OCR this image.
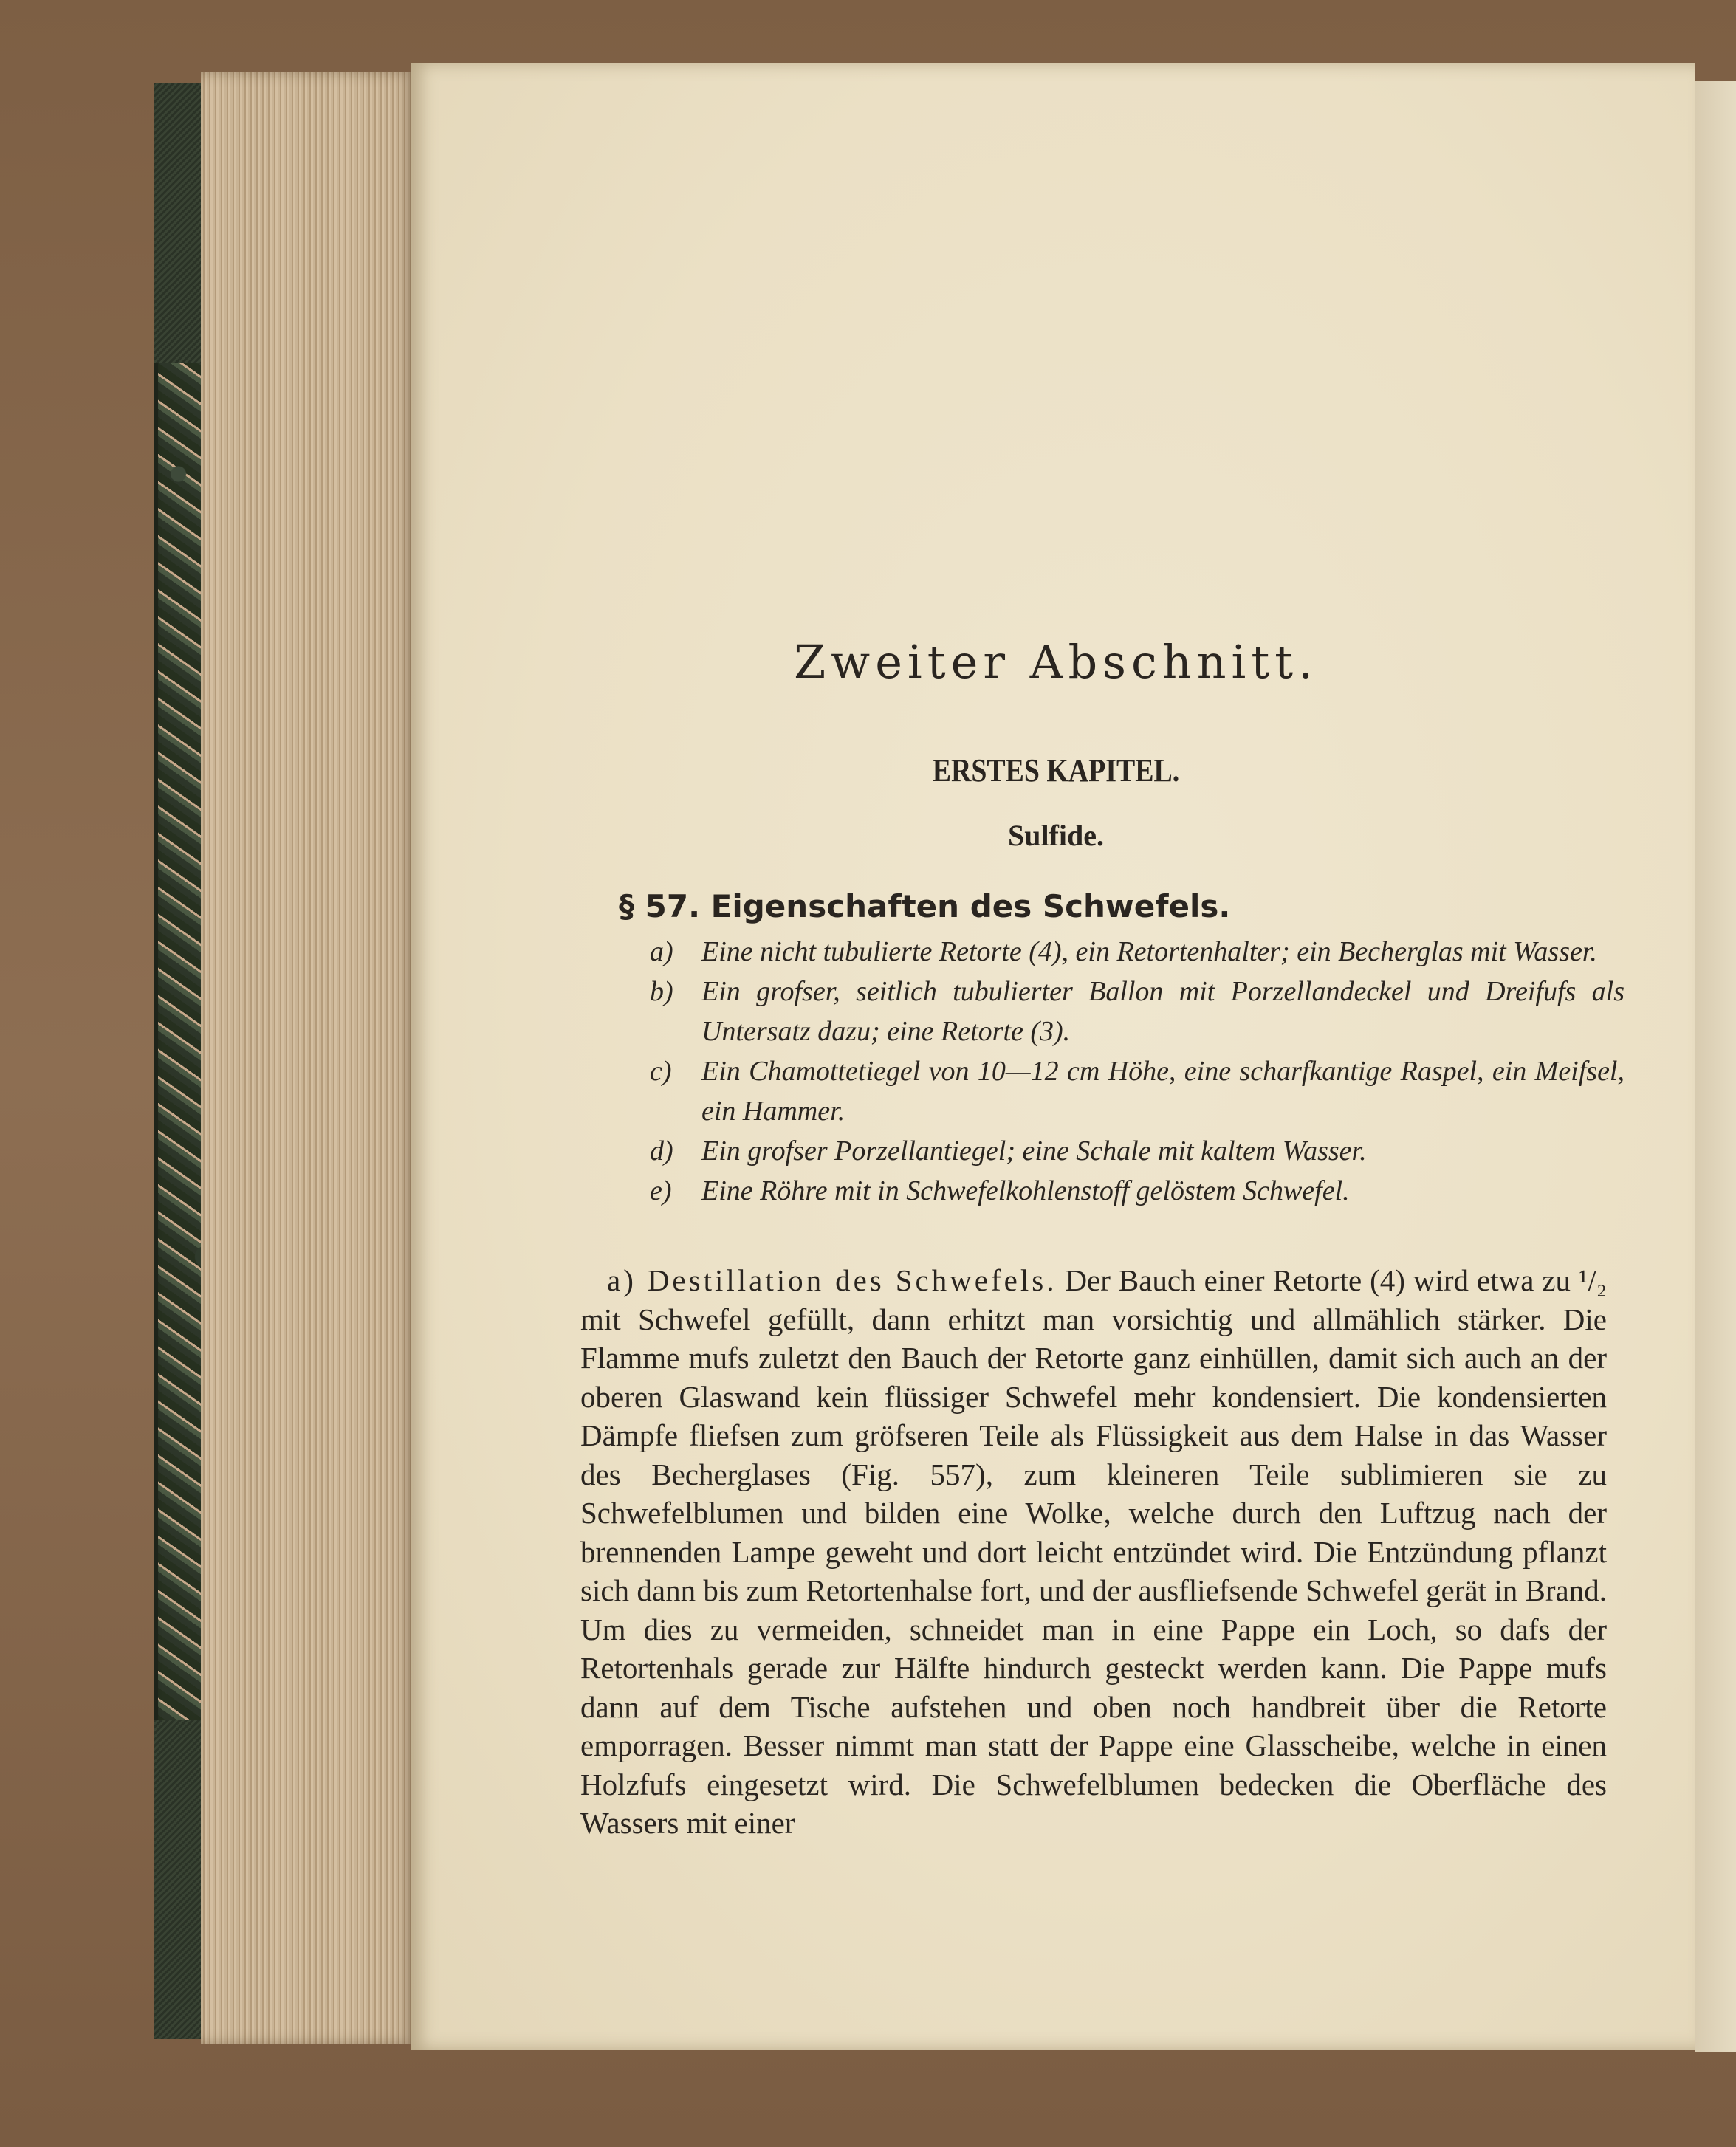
Zweiter Abschnitt.
ERSTES KAPITEL.
Sulfide.
§ 57. Eigenschaften des Schwefels.
a)	Eine nicht tubulierte Retorte (4), ein Retortenhalter; ein Becherglas mit Wasser.
b)	Ein grofser, seitlich tubulierter Ballon mit Porzellandeckel und Dreifufs als Untersatz dazu; eine Retorte (3).
c)	Ein Chamottetiegel von 10—12 cm Höhe, eine scharfkantige Raspel, ein Meifsel, ein Hammer.
d)	Ein grofser Porzellantiegel; eine Schale mit kaltem Wasser.
e)	Eine Röhre mit in Schwefelkohlenstoff gelöstem Schwefel.
a) Destillation des Schwefels. Der Bauch einer Retorte (4) wird etwa zu ¹/₂ mit Schwefel gefüllt, dann erhitzt man vorsichtig und allmählich stärker. Die Flamme mufs zuletzt den Bauch der Retorte ganz einhüllen, damit sich auch an der oberen Glaswand kein flüssiger Schwefel mehr kondensiert. Die kondensierten Dämpfe fliefsen zum gröfseren Teile als Flüssigkeit aus dem Halse in das Wasser des Becherglases (Fig. 557), zum kleineren Teile sublimieren sie zu Schwefelblumen und bilden eine Wolke, welche durch den Luftzug nach der brennenden Lampe geweht und dort leicht entzündet wird. Die Entzündung pflanzt sich dann bis zum Retortenhalse fort, und der ausfliefsende Schwefel gerät in Brand. Um dies zu vermeiden, schneidet man in eine Pappe ein Loch, so dafs der Retortenhals gerade zur Hälfte hindurch gesteckt werden kann. Die Pappe mufs dann auf dem Tische aufstehen und oben noch handbreit über die Retorte emporragen. Besser nimmt man statt der Pappe eine Glasscheibe, welche in einen Holzfufs eingesetzt wird. Die Schwefelblumen bedecken die Oberfläche des Wassers mit einer
